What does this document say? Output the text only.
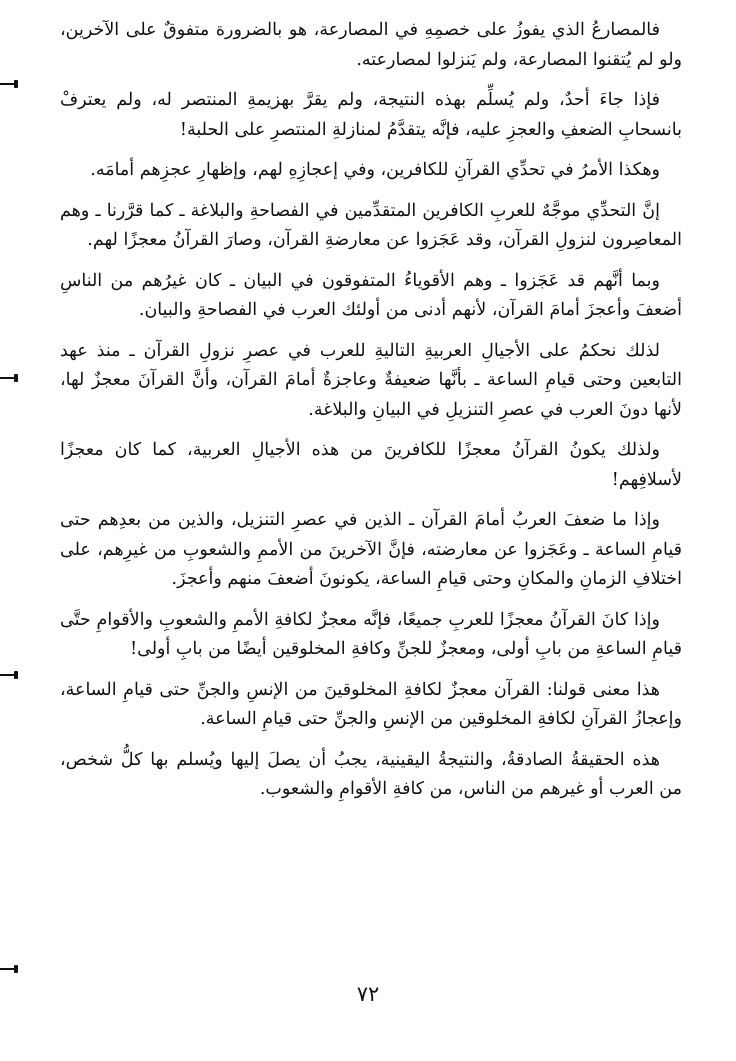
فالمصارعُ الذي يفوزُ على خصمِهِ في المصارعة، هو بالضرورة متفوقٌ على الآخرين، ولو لم يُتقنوا المصارعة، ولم يَنزلوا لمصارعته.

فإذا جاءَ أحدٌ، ولم يُسلِّم بهذه النتيجة، ولم يقرَّ بهزيمةِ المنتصر له، ولم يعترفْ بانسحابِ الضعفِ والعجزِ عليه، فإنَّه يتقدَّمُ لمنازلةِ المنتصرِ على الحلبة!

وهكذا الأمرُ في تحدِّي القرآنِ للكافرين، وفي إعجازِهِ لهم، وإظهارِ عجزِهم أمامَه.

إنَّ التحدِّي موجَّهٌ للعربِ الكافرين المتقدِّمين في الفصاحةِ والبلاغة ـ كما قرَّرنا ـ وهم المعاصِرون لنزولِ القرآن، وقد عَجَزوا عن معارضةِ القرآن، وصارَ القرآنُ معجزًا لهم.

وبما أنَّهم قد عَجَزوا ـ وهم الأقوياءُ المتفوقون في البيان ـ كان غيرُهم من الناسِ أضعفَ وأعجزَ أمامَ القرآن، لأنهم أدنى من أولئك العرب في الفصاحةِ والبيان.

لذلك نحكمُ على الأجيالِ العربيةِ التاليةِ للعرب في عصرِ نزولِ القرآن ـ منذ عهد التابعين وحتى قيامِ الساعة ـ بأنَّها ضعيفةٌ وعاجزةٌ أمامَ القرآن، وأنَّ القرآنَ معجزٌ لها، لأنها دونَ العرب في عصرِ التنزيلِ في البيانِ والبلاغة.

ولذلك يكونُ القرآنُ معجزًا للكافرينَ من هذه الأجيالِ العربية، كما كان معجزًا لأسلافِهم!

وإذا ما ضعفَ العربُ أمامَ القرآن ـ الذين في عصرِ التنزيل، والذين من بعدِهم حتى قيامِ الساعة ـ وعَجَزوا عن معارضته، فإنَّ الآخرينَ من الأممِ والشعوبِ من غيرِهم، على اختلافِ الزمانِ والمكانِ وحتى قيامِ الساعة، يكونونَ أضعفَ منهم وأعجزَ.

وإذا كانَ القرآنُ معجزًا للعربِ جميعًا، فإنَّه معجزٌ لكافةِ الأممِ والشعوبِ والأقوامِ حتَّى قيامِ الساعةِ من بابِ أولى، ومعجزٌ للجنِّ وكافةِ المخلوقين أيضًا من بابِ أولى!

هذا معنى قولنا: القرآن معجزٌ لكافةِ المخلوقينَ من الإنسِ والجنِّ حتى قيامِ الساعة، وإعجازُ القرآنِ لكافةِ المخلوقين من الإنسِ والجنِّ حتى قيامِ الساعة.

هذه الحقيقةُ الصادقةُ، والنتيجةُ اليقينية، يجبُ أن يصلَ إليها ويُسلم بها كلُّ شخص، من العرب أو غيرهم من الناس، من كافةِ الأقوامِ والشعوب.

٧٢
